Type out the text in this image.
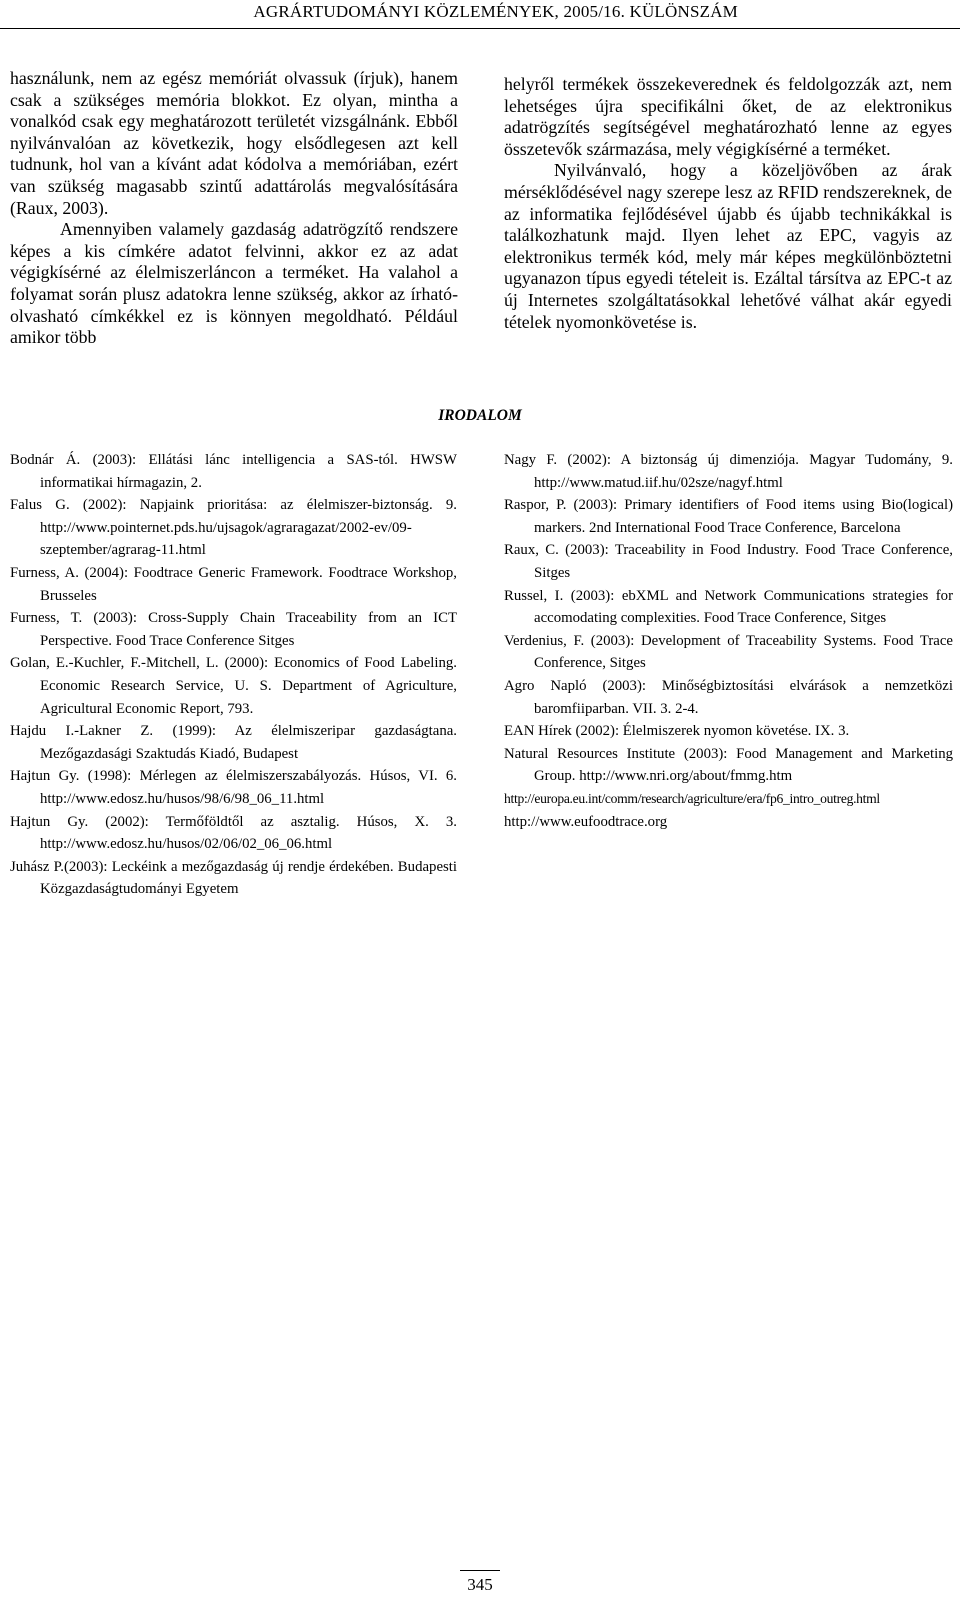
AGRÁRTUDOMÁNYI KÖZLEMÉNYEK, 2005/16. KÜLÖNSZÁM

használunk, nem az egész memóriát olvassuk (írjuk), hanem csak a szükséges memória blokkot. Ez olyan, mintha a vonalkód csak egy meghatározott területét vizsgálnánk. Ebből nyilvánvalóan az következik, hogy elsődlegesen azt kell tudnunk, hol van a kívánt adat kódolva a memóriában, ezért van szükség magasabb szintű adattárolás megvalósítására (Raux, 2003).

Amennyiben valamely gazdaság adatrögzítő rendszere képes a kis címkére adatot felvinni, akkor ez az adat végigkísérné az élelmiszerláncon a terméket. Ha valahol a folyamat során plusz adatokra lenne szükség, akkor az írható-olvasható címkékkel ez is könnyen megoldható. Például amikor több

helyről termékek összekeverednek és feldolgozzák azt, nem lehetséges újra specifikálni őket, de az elektronikus adatrögzítés segítségével meghatározható lenne az egyes összetevők származása, mely végigkísérné a terméket.

Nyilvánvaló, hogy a közeljövőben az árak mérséklődésével nagy szerepe lesz az RFID rendszereknek, de az informatika fejlődésével újabb és újabb technikákkal is találkozhatunk majd. Ilyen lehet az EPC, vagyis az elektronikus termék kód, mely már képes megkülönböztetni ugyanazon típus egyedi tételeit is. Ezáltal társítva az EPC-t az új Internetes szolgáltatásokkal lehetővé válhat akár egyedi tételek nyomonkövetése is.

IRODALOM
Bodnár Á. (2003): Ellátási lánc intelligencia a SAS-tól. HWSW informatikai hírmagazin, 2.
Falus G. (2002): Napjaink prioritása: az élelmiszer-biztonság. 9. http://www.pointernet.pds.hu/ujsagok/agraragazat/2002-ev/09-szeptember/agrarag-11.html
Furness, A. (2004): Foodtrace Generic Framework. Foodtrace Workshop, Brusseles
Furness, T. (2003): Cross-Supply Chain Traceability from an ICT Perspective. Food Trace Conference Sitges
Golan, E.-Kuchler, F.-Mitchell, L. (2000): Economics of Food Labeling. Economic Research Service, U. S. Department of Agriculture, Agricultural Economic Report, 793.
Hajdu I.-Lakner Z. (1999): Az élelmiszeripar gazdaságtana. Mezőgazdasági Szaktudás Kiadó, Budapest
Hajtun Gy. (1998): Mérlegen az élelmiszerszabályozás. Húsos, VI. 6. http://www.edosz.hu/husos/98/6/98_06_11.html
Hajtun Gy. (2002): Termőföldtől az asztalig. Húsos, X. 3. http://www.edosz.hu/husos/02/06/02_06_06.html
Juhász P.(2003): Leckéink a mezőgazdaság új rendje érdekében. Budapesti Közgazdaságtudományi Egyetem
Nagy F. (2002): A biztonság új dimenziója. Magyar Tudomány, 9. http://www.matud.iif.hu/02sze/nagyf.html
Raspor, P. (2003): Primary identifiers of Food items using Bio(logical) markers. 2nd International Food Trace Conference, Barcelona
Raux, C. (2003): Traceability in Food Industry. Food Trace Conference, Sitges
Russel, I. (2003): ebXML and Network Communications strategies for accomodating complexities. Food Trace Conference, Sitges
Verdenius, F. (2003): Development of Traceability Systems. Food Trace Conference, Sitges
Agro Napló (2003): Minőségbiztosítási elvárások a nemzetközi baromfiiparban. VII. 3. 2-4.
EAN Hírek (2002): Élelmiszerek nyomon követése. IX. 3.
Natural Resources Institute (2003): Food Management and Marketing Group. http://www.nri.org/about/fmmg.htm
http://europa.eu.int/comm/research/agriculture/era/fp6_intro_outreg.html
http://www.eufoodtrace.org
345
